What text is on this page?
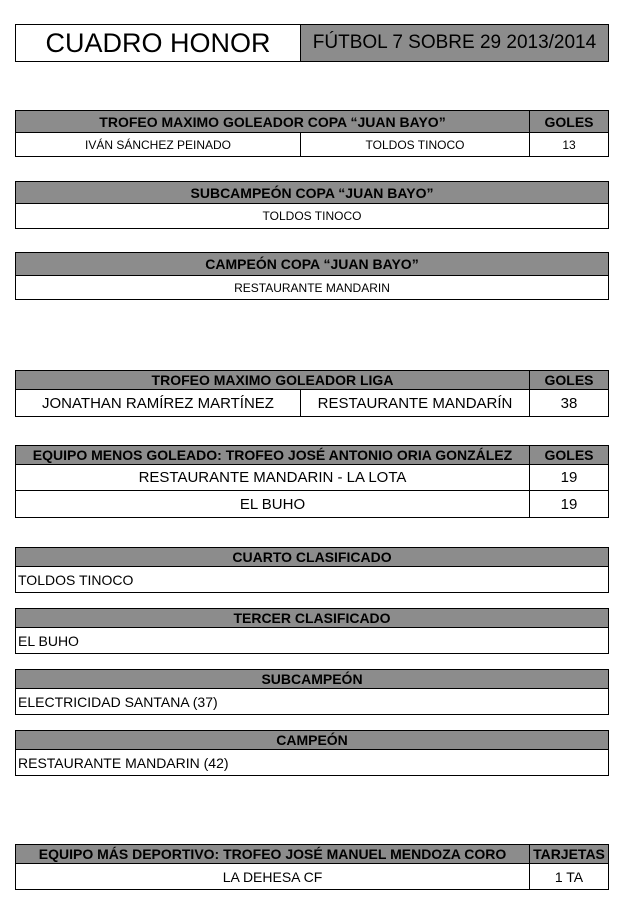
CUADRO HONOR	FÚTBOL 7 SOBRE 29 2013/2014
TROFEO MAXIMO GOLEADOR COPA “JUAN BAYO”	GOLES
IVÁN SÁNCHEZ PEINADO	TOLDOS TINOCO	13
SUBCAMPEÓN COPA “JUAN BAYO”
TOLDOS TINOCO
CAMPEÓN COPA “JUAN BAYO”
RESTAURANTE MANDARIN
TROFEO MAXIMO GOLEADOR LIGA	GOLES
JONATHAN RAMÍREZ MARTÍNEZ	RESTAURANTE MANDARÍN	38
EQUIPO MENOS GOLEADO: TROFEO JOSÉ ANTONIO ORIA GONZÁLEZ	GOLES
RESTAURANTE MANDARIN - LA LOTA	19
EL BUHO	19
CUARTO CLASIFICADO
TOLDOS TINOCO
TERCER CLASIFICADO
EL BUHO
SUBCAMPEÓN
ELECTRICIDAD SANTANA (37)
CAMPEÓN
RESTAURANTE MANDARIN (42)
EQUIPO MÁS DEPORTIVO: TROFEO JOSÉ MANUEL MENDOZA CORO	TARJETAS
LA DEHESA CF	1 TA
